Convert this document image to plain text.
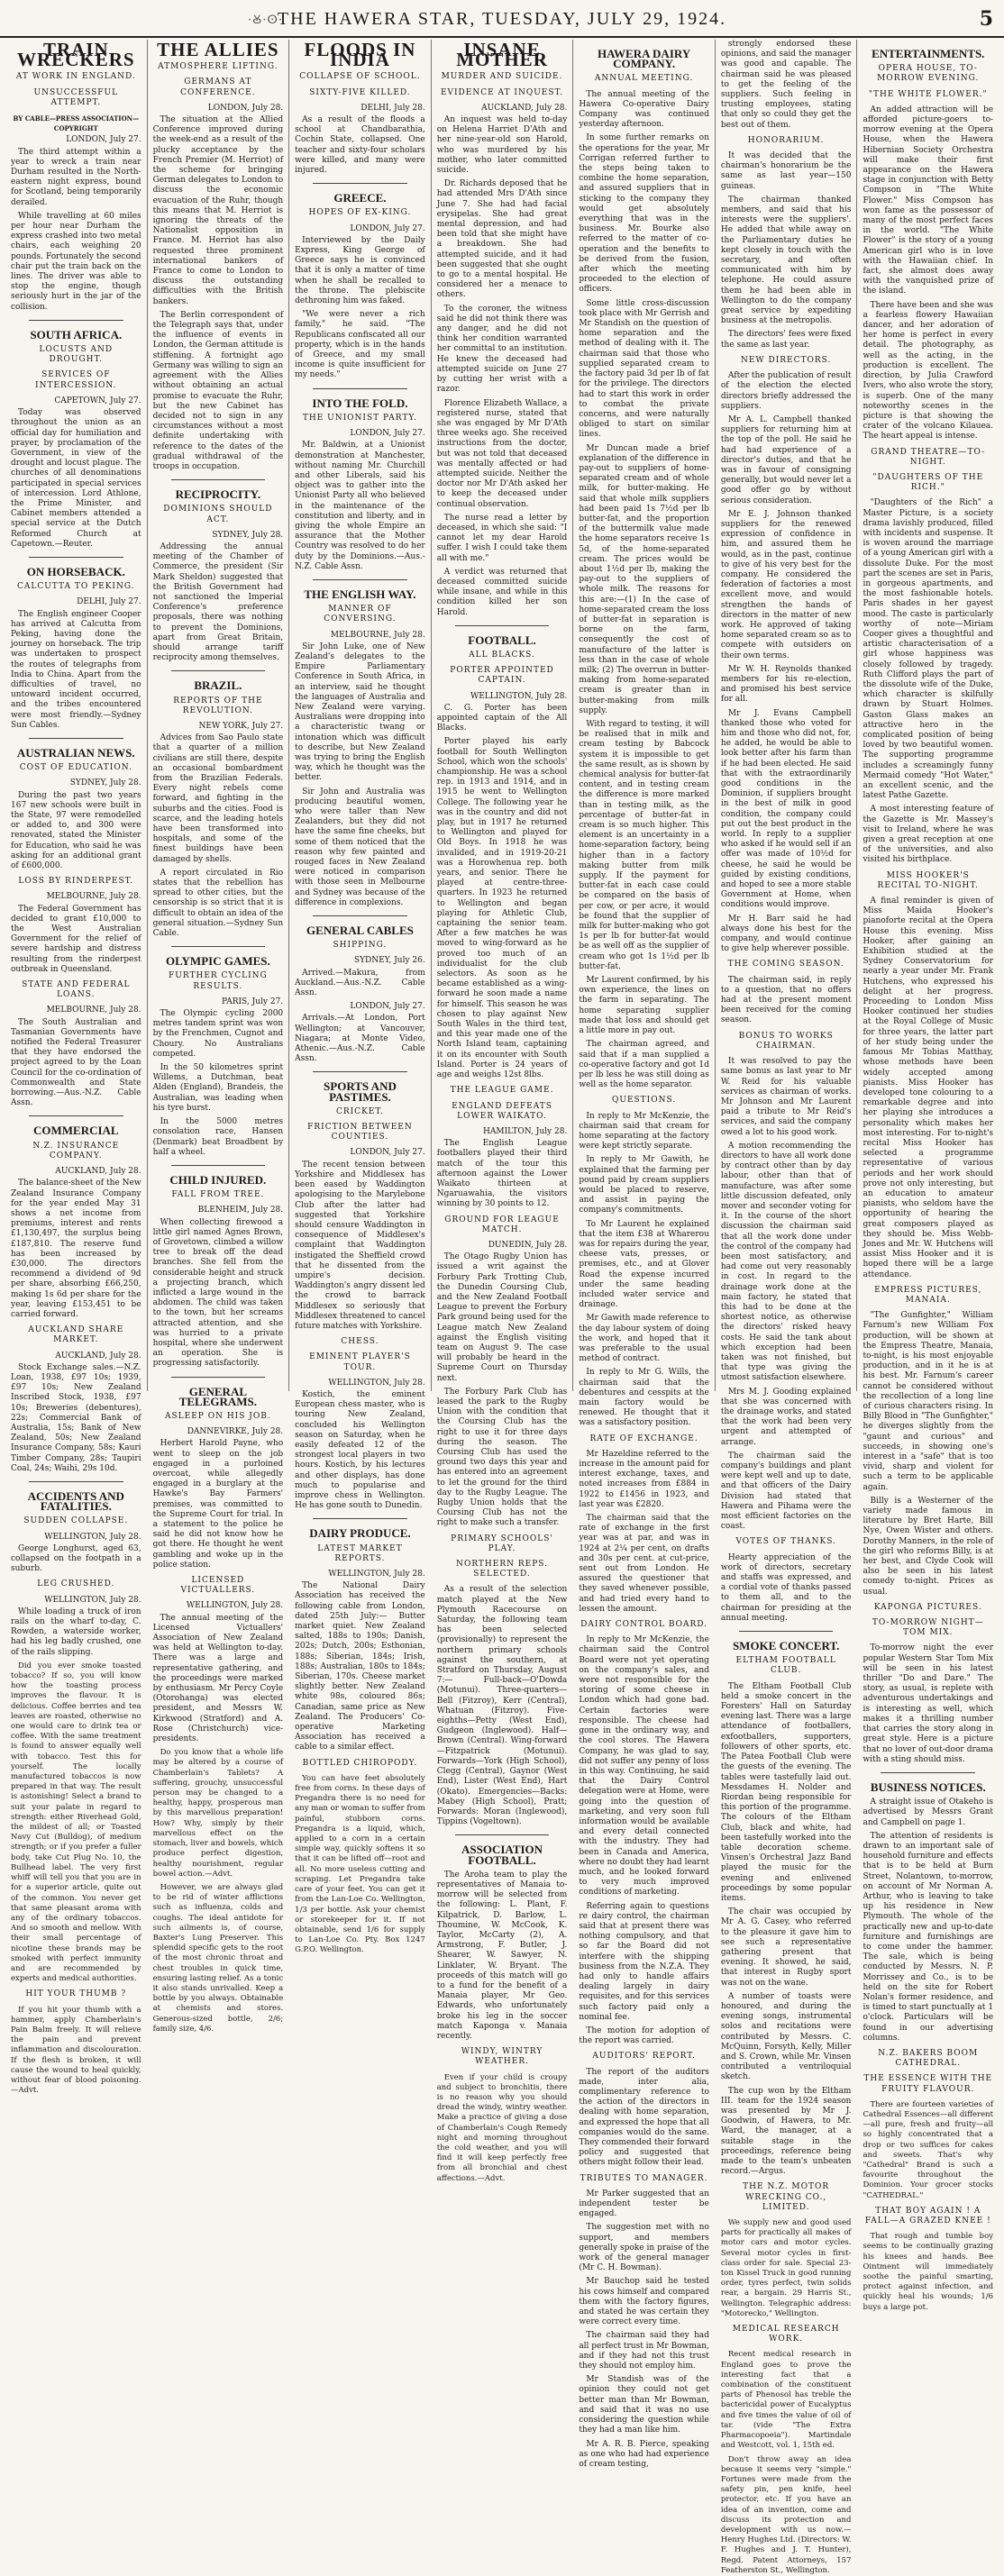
·Ꙋ·ⵙ·
THE HAWERA STAR, TUESDAY, JULY 29, 1924.	5
TRAIN WRECKERS
AT WORK IN ENGLAND.
UNSUCCESSFUL ATTEMPT.
BY CABLE—PRESS ASSOCIATION—COPYRIGHT
LONDON, July 27.

The third attempt within a year to wreck a train near Durham resulted in the North-eastern night express, bound for Scotland, being temporarily derailed.

While travelling at 60 miles per hour near Durham the express crashed into two metal chairs, each weighing 20 pounds. Fortunately the second chair put the train back on the lines. The driver was able to stop the engine, though seriously hurt in the jar of the collision.

SOUTH AFRICA.
LOCUSTS AND DROUGHT.
SERVICES OF INTERCESSION.
CAPETOWN, July 27.

Today was observed throughout the union as an official day for humiliation and prayer, by proclamation of the Government, in view of the drought and locust plague. The churches of all denominations participated in special services of intercession. Lord Athlone, the Prime Minister, and Cabinet members attended a special service at the Dutch Reformed Church at Capetown.—Reuter.

ON HORSEBACK.
CALCUTTA TO PEKING.
DELHI, July 27.

The English engineer Cooper has arrived at Calcutta from Peking, having done the journey on horseback. The trip was undertaken to prospect the routes of telegraphs from India to China. Apart from the difficulties of travel, no untoward incident occurred, and the tribes encountered were most friendly.—Sydney Sun Cables.

AUSTRALIAN NEWS.
COST OF EDUCATION.
SYDNEY, July 28.

During the past two years 167 new schools were built in the State, 97 were remodelled or added to, and 300 were renovated, stated the Minister for Education, who said he was asking for an additional grant of £600,000.

LOSS BY RINDERPEST.
MELBOURNE, July 28.

The Federal Government has decided to grant £10,000 to the West Australian Government for the relief of severe hardship and distress resulting from the rinderpest outbreak in Queensland.

STATE AND FEDERAL LOANS.
MELBOURNE, July 28.

The South Australian and Tasmanian Governments have notified the Federal Treasurer that they have endorsed the project agreed to by the Loan Council for the co-ordination of Commonwealth and State borrowing.—Aus.-N.Z. Cable Assn.

COMMERCIAL
N.Z. INSURANCE COMPANY.
AUCKLAND, July 28.

The balance-sheet of the New Zealand Insurance Company for the year ended May 31 shows a net income from premiums, interest and rents £1,130,497, the surplus being £187,810. The reserve fund has been increased by £30,000. The directors recommend a dividend of 9d per share, absorbing £66,250, making 1s 6d per share for the year, leaving £153,451 to be carried forward.

AUCKLAND SHARE MARKET.
AUCKLAND, July 28.

Stock Exchange sales.—N.Z. Loan, 1938, £97 10s; 1939, £97 10s; New Zealand Inscribed Stock, 1938, £97 10s; Breweries (debentures), 22s; Commercial Bank of Australia, 15s; Bank of New Zealand, 50s; New Zealand Insurance Company, 58s; Kauri Timber Company, 28s; Taupiri Coal, 24s; Waihi, 29s 10d.

ACCIDENTS AND FATALITIES.
SUDDEN COLLAPSE.
WELLINGTON, July 28.

George Longhurst, aged 63, collapsed on the footpath in a suburb.

LEG CRUSHED.
WELLINGTON, July 28.

While loading a truck of iron rails on the wharf to-day, C. Rowden, a waterside worker, had his leg badly crushed, one of the rails slipping.

Did you ever smoke toasted tobacco? If so, you will know how the toasting process improves the flavour. It is delicious. Coffee berries and tea leaves are roasted, otherwise no one would care to drink tea or coffee. With the same treatment is found to answer equally well with tobacco. Test this for yourself. The locally manufactured tobaccos is now prepared in that way. The result is astonishing! Select a brand to suit your palate in regard to strength: either Riverhead Gold, the mildest of all; or Toasted Navy Cut (Bulldog), of medium strength; or if you prefer a fuller body, take Cut Plug No. 10, the Bullhead label. The very first whiff will tell you that you are in for a superior article, quite out of the common. You never get that same pleasant aroma with any of the ordinary tobaccos. And so smooth and mellow. With their small percentage of nicotine these brands may be smoked with perfect immunity and are recommended by experts and medical authorities.

HIT YOUR THUMB ?

If you hit your thumb with a hammer, apply Chamberlain's Pain Balm freely. It will relieve the pain and prevent inflammation and discolouration. If the flesh is broken, it will cause the wound to heal quickly, without fear of blood poisoning.—Advt.

THE ALLIES
ATMOSPHERE LIFTING.
GERMANS AT CONFERENCE.
LONDON, July 28.

The situation at the Allied Conference improved during the week-end as a result of the plucky acceptance by the French Premier (M. Herriot) of the scheme for bringing German delegates to London to discuss the economic evacuation of the Ruhr, though this means that M. Herriot is ignoring the threats of the Nationalist opposition in France. M. Herriot has also requested three prominent international bankers of France to come to London to discuss the outstanding difficulties with the British bankers.

The Berlin correspondent of the Telegraph says that, under the influence of events in London, the German attitude is stiffening. A fortnight ago Germany was willing to sign an agreement with the Allies without obtaining an actual promise to evacuate the Ruhr, but the new Cabinet has decided not to sign in any circumstances without a most definite undertaking with reference to the dates of the gradual withdrawal of the troops in occupation.

RECIPROCITY.
DOMINIONS SHOULD ACT.
SYDNEY, July 28.

Addressing the annual meeting of the Chamber of Commerce, the president (Sir Mark Sheldon) suggested that the British Government had not sanctioned the Imperial Conference's preference proposals, there was nothing to prevent the Dominions, apart from Great Britain, should arrange tariff reciprocity among themselves.

BRAZIL.
REPORTS OF THE REVOLUTION.
NEW YORK, July 27.

Advices from Sao Paulo state that a quarter of a million civilians are still there, despite an occasional bombardment from the Brazilian Federals. Every night rebels come forward, and fighting in the suburbs and the cities. Food is scarce, and the leading hotels have been transformed into hospitals, and some of the finest buildings have been damaged by shells.

A report circulated in Rio states that the rebellion has spread to other cities, but the censorship is so strict that it is difficult to obtain an idea of the general situation.—Sydney Sun Cable.

OLYMPIC GAMES.
FURTHER CYCLING RESULTS.
PARIS, July 27.

The Olympic cycling 2000 metres tandem sprint was won by the Frenchmen, Cugnot and Choury. No Australians competed.

In the 50 kilometres sprint Willems, a Dutchman, beat Alden (England), Brandeis, the Australian, was leading when his tyre burst.

In the 5000 metres consolation race, Hansen (Denmark) beat Broadbent by half a wheel.

CHILD INJURED.
FALL FROM TREE.
BLENHEIM, July 28.

When collecting firewood a little girl named Agnes Brown, of Grovetown, climbed a willow tree to break off the dead branches. She fell from the considerable height and struck a projecting branch, which inflicted a large wound in the abdomen. The child was taken to the town, but her screams attracted attention, and she was hurried to a private hospital, where she underwent an operation. She is progressing satisfactorily.

GENERAL TELEGRAMS.
ASLEEP ON HIS JOB.
DANNEVIRKE, July 28.

Herbert Harold Payne, who went to sleep on the job engaged in a purloined overcoat, while allegedly engaged in a burglary at the Hawke's Bay Farmers' premises, was committed to the Supreme Court for trial. In a statement to the police he said he did not know how he got there. He thought he went gambling and woke up in the police station.

LICENSED VICTUALLERS.
WELLINGTON, July 28.

The annual meeting of the Licensed Victuallers' Association of New Zealand was held at Wellington to-day. There was a large and representative gathering, and the proceedings were marked by enthusiasm. Mr Percy Coyle (Otorohanga) was elected president, and Messrs W. Kirkwood (Stratford) and A. Rose (Christchurch) vice-presidents.

Do you know that a whole life may be altered by a course of Chamberlain's Tablets? A suffering, grouchy, unsuccessful person may be changed to a healthy, happy, prosperous man by this marvellous preparation! How? Why, simply by their marvellous effect on the stomach, liver and bowels, which produce perfect digestion, healthy nourishment, regular bowel action.—Advt.

However, we are always glad to be rid of winter afflictions such as influenza, colds and coughs. The ideal antidote for such ailments is, of course, Baxter's Lung Preserver. This splendid specific gets to the root of the most chronic throat and chest troubles in quick time, ensuring lasting relief. As a tonic it also stands unrivalled. Keep a bottle by you always. Obtainable at chemists and stores. Generous-sized bottle, 2/6; family size, 4/6.

FLOODS IN INDIA
COLLAPSE OF SCHOOL.
SIXTY-FIVE KILLED.
DELHI, July 28.

As a result of the floods a school at Chandbarathia, Cochin State, collapsed. One teacher and sixty-four scholars were killed, and many were injured.

GREECE.
HOPES OF EX-KING.
LONDON, July 27.

Interviewed by the Daily Express, King George of Greece says he is convinced that it is only a matter of time when he shall be recalled to the throne. The plebiscite dethroning him was faked.

"We were never a rich family," he said. "The Republicans confiscated all our property, which is in the hands of Greece, and my small income is quite insufficient for my needs."

INTO THE FOLD.
THE UNIONIST PARTY.
LONDON, July 27.

Mr. Baldwin, at a Unionist demonstration at Manchester, without naming Mr. Churchill and other Liberals, said his object was to gather into the Unionist Party all who believed in the maintenance of the constitution and liberty, and in giving the whole Empire an assurance that the Mother Country was resolved to do her duty by the Dominions.—Aus.-N.Z. Cable Assn.

THE ENGLISH WAY.
MANNER OF CONVERSING.
MELBOURNE, July 28.

Sir John Luke, one of New Zealand's delegates to the Empire Parliamentary Conference in South Africa, in an interview, said he thought the languages of Australia and New Zealand were varying. Australians were dropping into a characteristic twang or intonation which was difficult to describe, but New Zealand was trying to bring the English way, which he thought was the better.

Sir John and Australia was producing beautiful women, who were taller than New Zealanders, but they did not have the same fine cheeks, but some of them noticed that the reason why few painted and rouged faces in New Zealand were noticed in comparison with those seen in Melbourne and Sydney was because of the difference in complexions.

GENERAL CABLES
SHIPPING.
SYDNEY, July 26.

Arrived.—Makura, from Auckland.—Aus.-N.Z. Cable Assn.

LONDON, July 27.

Arrivals.—At London, Port Wellington; at Vancouver, Niagara; at Monte Video, Athenic.—Aus.-N.Z. Cable Assn.

SPORTS AND PASTIMES.
CRICKET.
FRICTION BETWEEN COUNTIES.
LONDON, July 27.

The recent tension between Yorkshire and Middlesex has been eased by Waddington apologising to the Marylebone Club after the latter had suggested that Yorkshire should censure Waddington in consequence of Middlesex's complaint that Waddington instigated the Sheffield crowd that he dissented from the umpire's decision. Waddington's angry dissent led the crowd to barrack Middlesex so seriously that Middlesex threatened to cancel future matches with Yorkshire.

CHESS.
EMINENT PLAYER'S TOUR.
WELLINGTON, July 28.

Kostich, the eminent European chess master, who is touring New Zealand, concluded his Wellington season on Saturday, when he easily defeated 12 of the strongest local players in two hours. Kostich, by his lectures and other displays, has done much to popularise and improve chess in Wellington. He has gone south to Dunedin.

DAIRY PRODUCE.
LATEST MARKET REPORTS.
WELLINGTON, July 28.

The National Dairy Association has received the following cable from London, dated 25th July:— Butter market quiet. New Zealand salted, 188s to 190s; Danish, 202s; Dutch, 200s; Esthonian, 188s; Siberian, 184s; Irish, 188s; Australian, 180s to 184s; Siberian, 170s. Cheese market slightly better. New Zealand white 98s, coloured 86s; Canadian, same price as New Zealand. The Producers' Co-operative Marketing Association has received a cable to a similar effect.

BOTTLED CHIROPODY.

You can have feet absolutely free from corns. In these days of Pregandra there is no need for any man or woman to suffer from painful, stubborn corns. Pregandra is a liquid, which, applied to a corn in a certain simple way, quickly softens it so that it can be lifted off—root and all. No more useless cutting and scraping. Let Pregandra take care of your feet. You can get it from the Lan-Loe Co. Wellington, 1/3 per bottle. Ask your chemist or storekeeper for it. If not obtainable, send 1/6 for supply to Lan-Loe Co. Pty. Box 1247 G.P.O. Wellington.

INSANE MOTHER
MURDER AND SUICIDE.
EVIDENCE AT INQUEST.
AUCKLAND, July 28.

An inquest was held to-day on Helena Harriet D'Ath and her nine-year-old son Harold, who was murdered by his mother, who later committed suicide.

Dr. Richards deposed that he had attended Mrs D'Ath since June 7. She had had facial erysipelas. She had great mental depression, and had been told that she might have a breakdown. She had attempted suicide, and it had been suggested that she ought to go to a mental hospital. He considered her a menace to others.

To the coroner, the witness said he did not think there was any danger, and he did not think her condition warranted her committal to an institution. He knew the deceased had attempted suicide on June 27 by cutting her wrist with a razor.

Florence Elizabeth Wallace, a registered nurse, stated that she was engaged by Mr D'Ath three weeks ago. She received instructions from the doctor, but was not told that deceased was mentally affected or had attempted suicide. Neither the doctor nor Mr D'Ath asked her to keep the deceased under continual observation.

The nurse read a letter by deceased, in which she said: "I cannot let my dear Harold suffer. I wish I could take them all with me."

A verdict was returned that deceased committed suicide while insane, and while in this condition killed her son Harold.

FOOTBALL.
ALL BLACKS.
PORTER APPOINTED CAPTAIN.
WELLINGTON, July 28.

C. G. Porter has been appointed captain of the All Blacks.

Porter played his early football for South Wellington School, which won the schools' championship. He was a school rep. in 1913 and 1914, and in 1915 he went to Wellington College. The following year he was in the country and did not play, but in 1917 he returned to Wellington and played for Old Boys. In 1918 he was invalided, and in 1919-20-21 was a Horowhenua rep. both years, and senior. There he played at centre-three-quarters. In 1923 he returned to Wellington and began playing for Athletic Club, captaining the senior team. After a few matches he was moved to wing-forward as he proved too much of an individualist for the club selectors. As soon as he became established as a wing-forward he soon made a name for himself. This season he was chosen to play against New South Wales in the third test, and this year made one of the North Island team, captaining it on its encounter with South Island. Porter is 24 years of age and weighs 12st 8lbs.

THE LEAGUE GAME.
ENGLAND DEFEATS LOWER WAIKATO.
HAMILTON, July 28.

The English League footballers played their third match of the tour this afternoon against the Lower Waikato thirteen at Ngaruawahia, the visitors winning by 30 points to 12.

GROUND FOR LEAGUE MATCH.
DUNEDIN, July 28.

The Otago Rugby Union has issued a writ against the Forbury Park Trotting Club, the Dunedin Coursing Club, and the New Zealand Football League to prevent the Forbury Park ground being used for the League match New Zealand against the English visiting team on August 9. The case will probably be heard in the Supreme Court on Thursday next.

The Forbury Park Club has leased the park to the Rugby Union with the condition that the Coursing Club has the right to use it for three days during the season. The Coursing Club has used the ground two days this year and has entered into an agreement to let the ground for the third day to the Rugby League. The Rugby Union holds that the Coursing Club has not the right to make such a transfer.

PRIMARY SCHOOLS' PLAY.
NORTHERN REPS. SELECTED.

As a result of the selection match played at the New Plymouth Racecourse on Saturday, the following team has been selected (provisionally) to represent the northern primary schools against the southern, at Stratford on Thursday, August 7:— Full-back—O'Dowda (Motunui). Three-quarters—Bell (Fitzroy), Kerr (Central), Whatuan (Fitzroy). Five-eighths—Petty (West End), Gudgeon (Inglewood). Half—Brown (Central). Wing-forward—Fitzpatrick (Motunui). Forwards—York (High School), Clegg (Central), Gaynor (West End), Lister (West End), Hart (Okato). Emergencies—Backs: Mabey (High School), Pratt; Forwards: Moran (Inglewood), Tippins (Vogeltown).

ASSOCIATION FOOTBALL.

The Aroha team to play the representatives of Manaia to-morrow will be selected from the following: L. Plant, F. Kilpatrick, D. Barlow, L. Thoumine, W. McCook, K. Taylor, McCarty (2), A. Armstrong, F. Butler, J. Shearer, W. Sawyer, N. Linklater, W. Bryant. The proceeds of this match will go to a fund for the benefit of a Manaia player, Mr Geo. Edwards, who unfortunately broke his leg in the soccer match Kaponga v. Manaia recently.

WINDY, WINTRY WEATHER.

Even if your child is croupy and subject to bronchitis, there is no reason why you should dread the windy, wintry weather. Make a practice of giving a dose of Chamberlain's Cough Remedy night and morning throughout the cold weather, and you will find it will keep perfectly free from all bronchial and chest affections.—Advt.

HAWERA DAIRY COMPANY.
ANNUAL MEETING.

The annual meeting of the Hawera Co-operative Dairy Company was continued yesterday afternoon.

In some further remarks on the operations for the year, Mr Corrigan referred further to the steps being taken to combine the home separation, and assured suppliers that in sticking to the company they would get absolutely everything that was in the business. Mr. Bourke also referred to the matter of co-operation and the benefits to be derived from the fusion, after which the meeting proceeded to the election of officers.

Some little cross-discussion took place with Mr Gerrish and Mr Standish on the question of home separation and the method of dealing with it. The chairman said that those who supplied separated cream to the factory paid 3d per lb of fat for the privilege. The directors had to start this work in order to combat the private concerns, and were naturally obliged to start on similar lines.

Mr Duncan made a brief explanation of the difference in pay-out to suppliers of home-separated cream and of whole milk, for butter-making. He said that whole milk suppliers had been paid 1s 7½d per lb butter-fat, and the proportion of the buttermilk value made the home separators receive 1s 5d, of the home-separated cream. The prices would be about 1½d per lb, making the pay-out to the suppliers of whole milk. The reasons for this are:—(1) In the case of home-separated cream the loss of butter-fat in separation is borne on the farm, consequently the cost of manufacture of the latter is less than in the case of whole milk; (2) The overrun in butter-making from home-separated cream is greater than in butter-making from milk supply.

With regard to testing, it will be realised that in milk and cream testing by Babcock system it is impossible to get the same result, as is shown by chemical analysis for butter-fat content, and in testing cream the difference is more marked than in testing milk, as the percentage of butter-fat in cream is so much higher. This element is an uncertainty in a home-separation factory, being higher than in a factory making butter from milk supply. If the payment for butter-fat in each case could be compared on the basis of per cow, or per acre, it would be found that the supplier of milk for butter-making who got 1s per lb for butter-fat would be as well off as the supplier of cream who got 1s 1½d per lb butter-fat.

Mr Laurent confirmed, by his own experience, the lines on the farm in separating. The home separating supplier made that loss and should get a little more in pay out.

The chairman agreed, and said that if a man supplied a co-operative factory and got 1d per lb less he was still doing as well as the home separator.

QUESTIONS.

In reply to Mr McKenzie, the chairman said that cream for home separating at the factory were kept strictly separate.

In reply to Mr Gawith, he explained that the farming per pound paid by cream suppliers would be placed to reserve, and assist in paying the company's commitments.

To Mr Laurent he explained that the item £38 at Wharerou was for repairs during the year, cheese vats, presses, or premises, etc., and at Glover Road the expense incurred under the same heading included water service and drainage.

Mr Gawith made reference to the day labour system of doing the work, and hoped that it was preferable to the usual method of contract.

In reply to Mr G. Wills, the chairman said that the debentures and cesspits at the main factory would be renewed. He thought that it was a satisfactory position.

RATE OF EXCHANGE.

Mr Hazeldine referred to the increase in the amount paid for interest exchange, taxes, and noted increases from £884 in 1922 to £1456 in 1923, and last year was £2820.

The chairman said that the rate of exchange in the first year was at par, and was in 1924 at 2¼ per cent, on drafts and 30s per cent. at cut-price, sent out from London. He assured the questioner that they saved whenever possible, and had tried every hand to lessen the amount.

DAIRY CONTROL BOARD.

In reply to Mr McKenzie, the chairman said the Control Board were not yet operating on the company's sales, and were not responsible for the storing of some cheese in London which had gone bad. Certain factories were responsible. The cheese had gone in the ordinary way, and the cool stores. The Hawera Company, he was glad to say, did not suffer any penny of loss in this way. Continuing, he said that the Dairy Control delegation were at Home, were going into the question of marketing, and very soon full information would be available and every detail connected with the industry. They had been in Canada and America, where no doubt they had learnt much, and he looked forward to very much improved conditions of marketing.

Referring again to questions re dairy control, the chairman said that at present there was nothing compulsory, and that so far the Board did not interfere with the shipping business from the N.Z.A. They had only to handle affairs dealing largely in dairy requisites, and for this services such factory paid only a nominal fee.

The motion for adoption of the report was carried.

AUDITORS' REPORT.

The report of the auditors made, inter alia, complimentary reference to the action of the directors in dealing with home separation, and expressed the hope that all companies would do the same. They commended their forward policy and suggested that others might follow their lead.

TRIBUTES TO MANAGER.

Mr Parker suggested that an independent tester be engaged.

The suggestion met with no support, and members generally spoke in praise of the work of the general manager (Mr C. H. Bowman).

Mr Bauchop said he tested his cows himself and compared them with the factory figures, and stated he was certain they were correct every time.

The chairman said they had all perfect trust in Mr Bowman, and if they had not this trust they should not employ him.

Mr Standish was of the opinion they could not get better man than Mr Bowman, and said that it was no use considering the question while they had a man like him.

Mr A. R. B. Pierce, speaking as one who had had experience of cream testing,

strongly endorsed these opinions, and said the manager was good and capable. The chairman said he was pleased to get the feeling of the suppliers. Such feeling in trusting employees, stating that only so could they get the best out of them.

HONORARIUM.

It was decided that the chairman's honorarium be the same as last year—150 guineas.

The chairman thanked members, and said that his interests were the suppliers'. He added that while away on the Parliamentary duties he kept closely in touch with the secretary, and often communicated with him by telephone. He could assure them he had been able in Wellington to do the company great service by expediting business at the metropolis.

The directors' fees were fixed the same as last year.

NEW DIRECTORS.

After the publication of result of the election the elected directors briefly addressed the suppliers.

Mr A. L. Campbell thanked suppliers for returning him at the top of the poll. He said he had had experience of a director's duties, and that he was in favour of consigning generally, but would never let a good offer go by without serious consideration.

Mr E. J. Johnson thanked suppliers for the renewed expression of confidence in him, and assured them he would, as in the past, continue to give of his very best for the company. He considered the federation of factories a most excellent move, and would strengthen the hands of directors in the matter of new work. He approved of taking home separated cream so as to compete with outsiders on their own terms.

Mr W. H. Reynolds thanked members for his re-election, and promised his best service for all.

Mr J. Evans Campbell thanked those who voted for him and those who did not, for, he added, he would be able to look better after his farm than if he had been elected. He said that with the extraordinarily good conditions in the Dominion, if suppliers brought in the best of milk in good condition, the company could put out the best product in the world. In reply to a supplier who asked if he would sell if an offer was made of 10½d for cheese, he said he would be guided by existing conditions, and hoped to see a more stable Government at Home, when conditions would improve.

Mr H. Barr said he had always done his best for the company, and would continue to give help wherever possible.

THE COMING SEASON.

The chairman said, in reply to a question, that no offers had at the present moment been received for the coming season.

BONUS TO WORKS CHAIRMAN.

It was resolved to pay the same bonus as last year to Mr W. Reid for his valuable services as chairman of works. Mr Johnson and Mr Laurent paid a tribute to Mr Reid's services, and said the company owed a lot to his good work.

A motion recommending the directors to have all work done by contract other than by day labour, other than that of manufacture, was after some little discussion defeated, only mover and seconder voting for it. In the course of the short discussion the chairman said that all the work done under the control of the company had been most satisfactory, and had come out very reasonably in cost. In regard to the drainage work done at the main factory, he stated that this had to be done at the shortest notice, as otherwise the directors' risked heavy costs. He said the tank about which exception had been taken was not finished, but that type was giving the utmost satisfaction elsewhere.

Mrs M. J. Gooding explained that she was concerned with the drainage works, and stated that the work had been very urgent and attempted of arrange.

The chairman said the company's buildings and plant were kept well and up to date, and that officers of the Dairy Division had stated that Hawera and Pihama were the most efficient factories on the coast.

VOTES OF THANKS.

Hearty appreciation of the work of directors, secretary and staffs was expressed, and a cordial vote of thanks passed to them all, and to the chairman for presiding at the annual meeting.

SMOKE CONCERT.
ELTHAM FOOTBALL CLUB.

The Eltham Football Club held a smoke concert in the Foresters' Hall on Saturday evening last. There was a large attendance of footballers, exfootballers, supporters, followers of other sports, etc. The Patea Football Club were the guests of the evening. The tables were tastefully laid out. Messdames H. Nolder and Riordan being responsible for this portion of the programme. The colours of the Eltham Club, black and white, had been tastefully worked into the table decoration scheme. Vinsen's Orchestral Jazz Band played the music for the evening and enlivened proceedings by some popular items.

The chair was occupied by Mr A. G. Casey, who referred to the pleasure it gave him to see such a representative gathering present that evening. It showed, he said, that interest in Rugby sport was not on the wane.

A number of toasts were honoured, and during the evening songs, instrumental solos and recitations were contributed by Messrs. C. McQuinn, Forsyth, Kelly, Miller and S. Crown, while Mr. Vinsen contributed a ventriloquial sketch.

The cup won by the Eltham III. team for the 1924 season was presented by Mr J. Goodwin, of Hawera, to Mr. Ward, the manager, at a suitable stage in the proceedings, reference being made to the team's unbeaten record.—Argus.

THE N.Z. MOTOR WRECKING CO., LIMITED.

We supply new and good used parts for practically all makes of motor cars and motor cycles. Several motor cycles in first-class order for sale. Special 23-ton Kissel Truck in good running order, tyres perfect, twin solids rear, a bargain. 29 Harris St., Wellington. Telegraphic address: "Motorecko," Wellington.

MEDICAL RESEARCH WORK.

Recent medical research in England goes to prove the interesting fact that a combination of the constituent parts of Phenosol has treble the bactericidal power of Eucalyptus and five times the value of oil of tar. (vide "The Extra Pharmacopoeia"). Martindale and Westcott, vol. 1, 15th ed.

Don't throw away an idea because it seems very "simple." Fortunes were made from the safety pin, pen knife, heel protector, etc. If you have an idea of an invention, come and discuss its protection and development with us now.—Henry Hughes Ltd. (Directors: W. F. Hughes and J. T. Hunter), Regd. Patent Attorneys, 157 Featherston St., Wellington.

ENTERTAINMENTS.
OPERA HOUSE, TO-MORROW EVENING.
"THE WHITE FLOWER."

An added attraction will be afforded picture-goers to-morrow evening at the Opera House, when the Hawera Hibernian Society Orchestra will make their first appearance on the Hawera stage in conjunction with Betty Compson in "The White Flower." Miss Compson has won fame as the possessor of many of the most perfect faces in the world. "The White Flower" is the story of a young American girl who is in love with the Hawaiian chief. In fact, she almost does away with the vanquished prize of the island.

There have been and she was a fearless flowery Hawaiian dancer, and her adoration of her home is perfect in every detail. The photography, as well as the acting, in the production is excellent. The direction, by Julia Crawford Ivers, who also wrote the story, is superb. One of the many noteworthy scenes in the picture is that showing the crater of the volcano Kilauea. The heart appeal is intense.

GRAND THEATRE—TO-NIGHT.
"DAUGHTERS OF THE RICH."

"Daughters of the Rich" a Master Picture, is a society drama lavishly produced, filled with incidents and suspense. It is woven around the marriage of a young American girl with a dissolute Duke. For the most part the scenes are set in Paris, in gorgeous apartments, and the most fashionable hotels. Paris shades in her gayest mood. The caste is particularly worthy of note—Miriam Cooper gives a thoughtful and artistic characterisation of a girl whose happiness was closely followed by tragedy. Ruth Clifford plays the part of the dissolute wife of the Duke, which character is skilfully drawn by Stuart Holmes. Gaston Glass makes an attractive hero in the complicated position of being loved by two beautiful women. The supporting programme includes a screamingly funny Mermaid comedy "Hot Water," an excellent scenic, and the latest Pathe Gazette.

A most interesting feature of the Gazette is Mr. Massey's visit to Ireland, where he was given a great reception at one of the universities, and also visited his birthplace.

MISS HOOKER'S RECITAL TO-NIGHT.

A final reminder is given of Miss Maida Hooker's pianoforte recital at the Opera House this evening. Miss Hooker, after gaining an Exhibition studied at the Sydney Conservatorium for nearly a year under Mr. Frank Hutchens, who expressed his delight at her progress. Proceeding to London Miss Hooker continued her studies at the Royal College of Music for three years, the latter part of her study being under the famous Mr Tobias Matthay, whose methods have been widely accepted among pianists. Miss Hooker has developed tone colouring to a remarkable degree and into her playing she introduces a personality which makes her most interesting. For to-night's recital Miss Hooker has selected a programme representative of various periods and her work should prove not only interesting, but an education to amateur pianists, who seldom have the opportunity of hearing the great composers played as they should be. Miss Webb-Jones and Mr. W. Hutchens will assist Miss Hooker and it is hoped there will be a large attendance.

EMPRESS PICTURES, MANAIA.

"The Gunfighter," William Farnum's new William Fox production, will be shown at the Empress Theatre, Manaia, to-night, is his most enjoyable production, and in it he is at his best. Mr. Farnum's career cannot be considered without the recollection of a long line of curious characters rising. In Billy Blood in "The Gunfighter," he diverges slightly from the "gaunt and curious" and succeeds, in showing one's interest in a "safe" that is too vivid, sharp and violent for such a term to be applicable again.

Billy is a Westerner of the variety made famous in literature by Bret Harte, Bill Nye, Owen Wister and others. Dorothy Manners, in the role of the girl who reforms Billy, is at her best, and Clyde Cook will also be seen in his latest comedy to-night. Prices as usual.

KAPONGA PICTURES.
TO-MORROW NIGHT—TOM MIX.

To-morrow night the ever popular Western Star Tom Mix will be seen in his latest thriller "Do and Dare." The story, as usual, is replete with adventurous undertakings and is interesting as well, which makes it a thrilling number that carries the story along in great style. Here is a picture that no lover of out-door drama with a sting should miss.

BUSINESS NOTICES.

A straight issue of Otakeho is advertised by Messrs Grant and Campbell on page 1.

The attention of residents is drawn to an important sale of household furniture and effects that is to be held at Burn Street, Nolantown, to-morrow, on account of Mr Norman A. Arthur, who is leaving to take up his residence in New Plymouth. The whole of the practically new and up-to-date furniture and furnishings are to come under the hammer. The sale, which is being conducted by Messrs. N. P. Morrissey and Co., is to be held on the site for Robert Nolan's former residence, and is timed to start punctually at 1 o'clock. Particulars will be found in our advertising columns.

N.Z. BAKERS BOOM CATHEDRAL.
THE ESSENCE WITH THE FRUITY FLAVOUR.

There are fourteen varieties of Cathedral Essences—all different—all pure, fresh and fruity—all so highly concentrated that a drop or two suffices for cakes and sweets. That's why "Cathedral" Brand is such a favourite throughout the Dominion. Your grocer stocks "CATHEDRAL."

THAT BOY AGAIN ! A FALL—A GRAZED KNEE !

That rough and tumble boy seems to be continually grazing his knees and hands. Bee Ointment will immediately soothe the painful smarting, protect against infection, and quickly heal his wounds; 1/6 buys a large pot.
